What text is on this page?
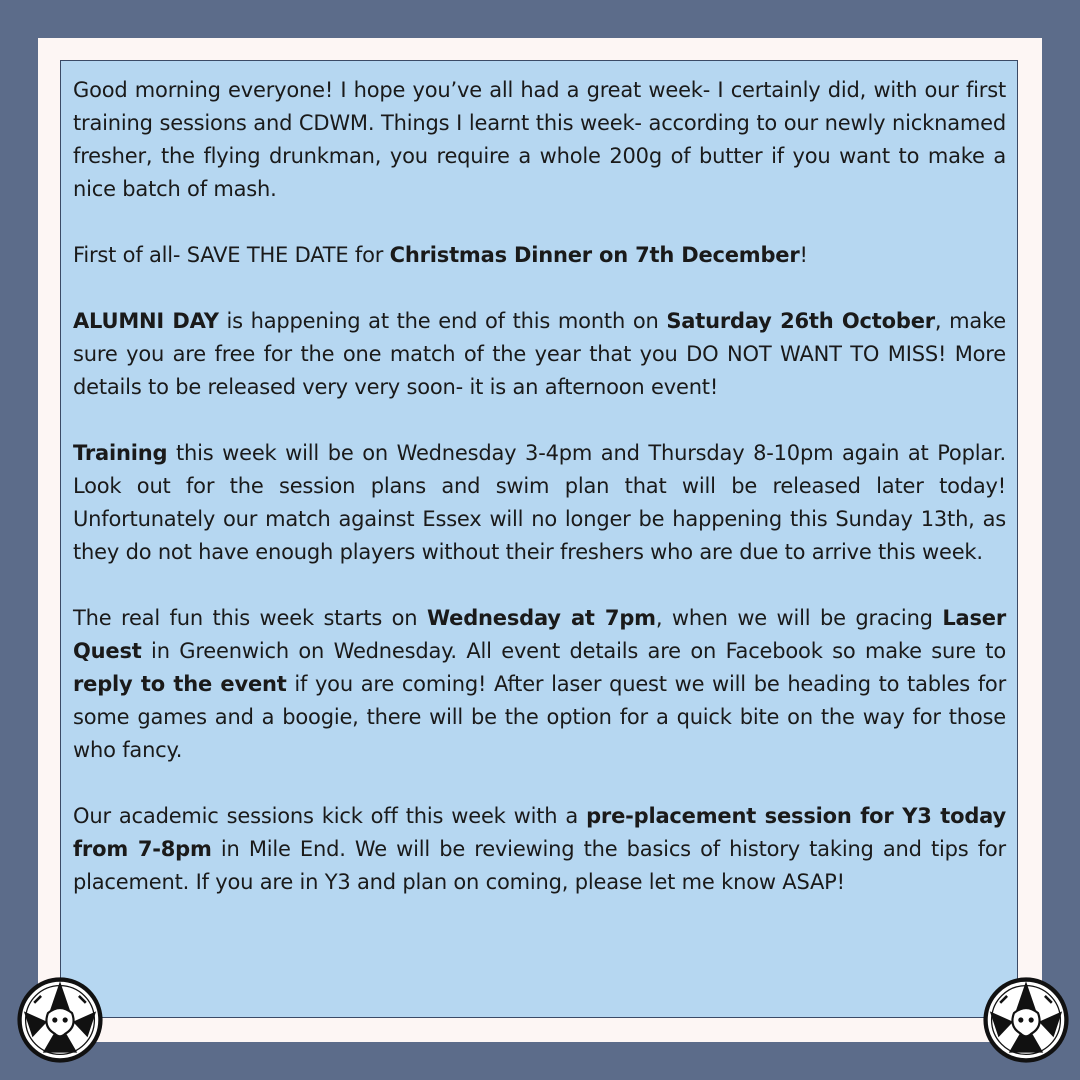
Good morning everyone! I hope you’ve all had a great week- I certainly did, with our first training sessions and CDWM. Things I learnt this week- according to our newly nicknamed fresher, the flying drunkman, you require a whole 200g of butter if you want to make a nice batch of mash.

First of all- SAVE THE DATE for Christmas Dinner on 7th December!

ALUMNI DAY is happening at the end of this month on Saturday 26th October, make sure you are free for the one match of the year that you DO NOT WANT TO MISS! More details to be released very very soon- it is an afternoon event!

Training this week will be on Wednesday 3-4pm and Thursday 8-10pm again at Poplar. Look out for the session plans and swim plan that will be released later today! Unfortunately our match against Essex will no longer be happening this Sunday 13th, as they do not have enough players without their freshers who are due to arrive this week.

The real fun this week starts on Wednesday at 7pm, when we will be gracing Laser Quest in Greenwich on Wednesday. All event details are on Facebook so make sure to reply to the event if you are coming! After laser quest we will be heading to tables for some games and a boogie, there will be the option for a quick bite on the way for those who fancy.

Our academic sessions kick off this week with a pre-placement session for Y3 today from 7-8pm in Mile End. We will be reviewing the basics of history taking and tips for placement. If you are in Y3 and plan on coming, please let me know ASAP!
